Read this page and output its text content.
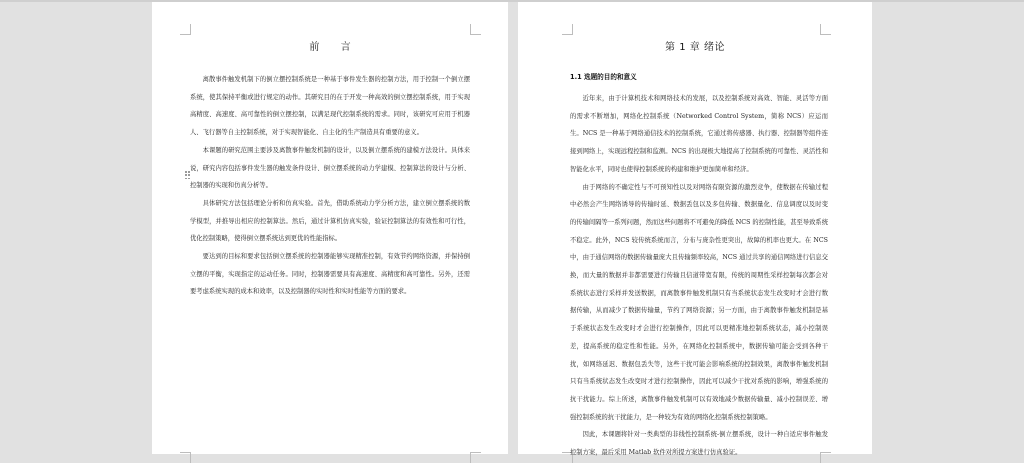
前 言

离散事件触发机制下的倒立摆控制系统是一种基于事件发生器的控制方法，用于控制一个倒立摆系统，使其保持平衡或进行规定的动作。其研究目的在于开发一种高效的倒立摆控制系统，用于实现高精度、高速度、高可靠性的倒立摆控制，以满足现代控制系统的需求。同时，该研究可应用于机器人、飞行器等自主控制系统，对于实现智能化、自主化的生产制造具有重要的意义。

本课题的研究范围主要涉及离散事件触发机制的设计，以及倒立摆系统的建模方法设计。具体来说，研究内容包括事件发生器的触发条件设计、倒立摆系统的动力学建模、控制算法的设计与分析、控制器的实现和仿真分析等。

具体研究方法包括理论分析和仿真实验。首先，借助系统动力学分析方法，建立倒立摆系统的数学模型，并推导出相应的控制算法。然后，通过计算机仿真实验，验证控制算法的有效性和可行性，优化控制策略，使得倒立摆系统达到更优的性能指标。

要达到的目标和要求包括倒立摆系统的控制器能够实现精准控制，有效节约网络资源，并保持倒立摆的平衡，实现指定的运动任务。同时，控制器需要具有高速度、高精度和高可靠性。另外，还需要考虑系统实现的成本和效率，以及控制器的实时性和实时性能等方面的要求。

第 1 章 绪论
1.1 选题的目的和意义

近年来，由于计算机技术和网络技术的发展，以及控制系统对高效、智能、灵活等方面的需求不断增加，网络化控制系统（Networked Control System，简称 NCS）应运而生。NCS 是一种基于网络通信技术的控制系统，它通过将传感器、执行器、控制器等组件连接到网络上，实现远程控制和监测。NCS 的出现极大地提高了控制系统的可靠性、灵活性和智能化水平，同时也使得控制系统的构建和维护更加简单和经济。

由于网络的不确定性与不可预知性以及对网络有限资源的激烈竞争，使数据在传输过程中必然会产生网络诱导的传输时延、数据丢包以及多包传输、数据量化、信息调度以及时变的传输间隔等一系列问题，然而这些问题将不可避免的降低 NCS 的控制性能，甚至导致系统不稳定。此外，NCS 较传统系统而言，分布与庞杂性更突出，故障的机率也更大。在 NCS 中，由于通信网络的数据传输量庞大且传输频率较高，NCS 通过共享的通信网络进行信息交换，而大量的数据并非都需要进行传输且信道带宽有限，传统的周期性采样控制每次都会对系统状态进行采样并发送数据，而离散事件触发机制只有当系统状态发生改变时才会进行数据传输，从而减少了数据传输量，节约了网络资源；另一方面，由于离散事件触发机制是基于系统状态发生改变时才会进行控制操作，因此可以更精准地控制系统状态，减小控制误差，提高系统的稳定性和性能。另外，在网络化控制系统中，数据传输可能会受到各种干扰，如网络延迟、数据包丢失等，这些干扰可能会影响系统的控制效果，离散事件触发机制只有当系统状态发生改变时才进行控制操作，因此可以减少干扰对系统的影响，增强系统的抗干扰能力。综上所述，离散事件触发机制可以有效地减少数据传输量、减小控制误差、增强控制系统的抗干扰能力，是一种较为有效的网络化控制系统控制策略。

因此，本课题将针对一类典型的非线性控制系统-倒立摆系统，设计一种自适应事件触发控制方案，最后采用 Matlab 软件对所提方案进行仿真验证。
